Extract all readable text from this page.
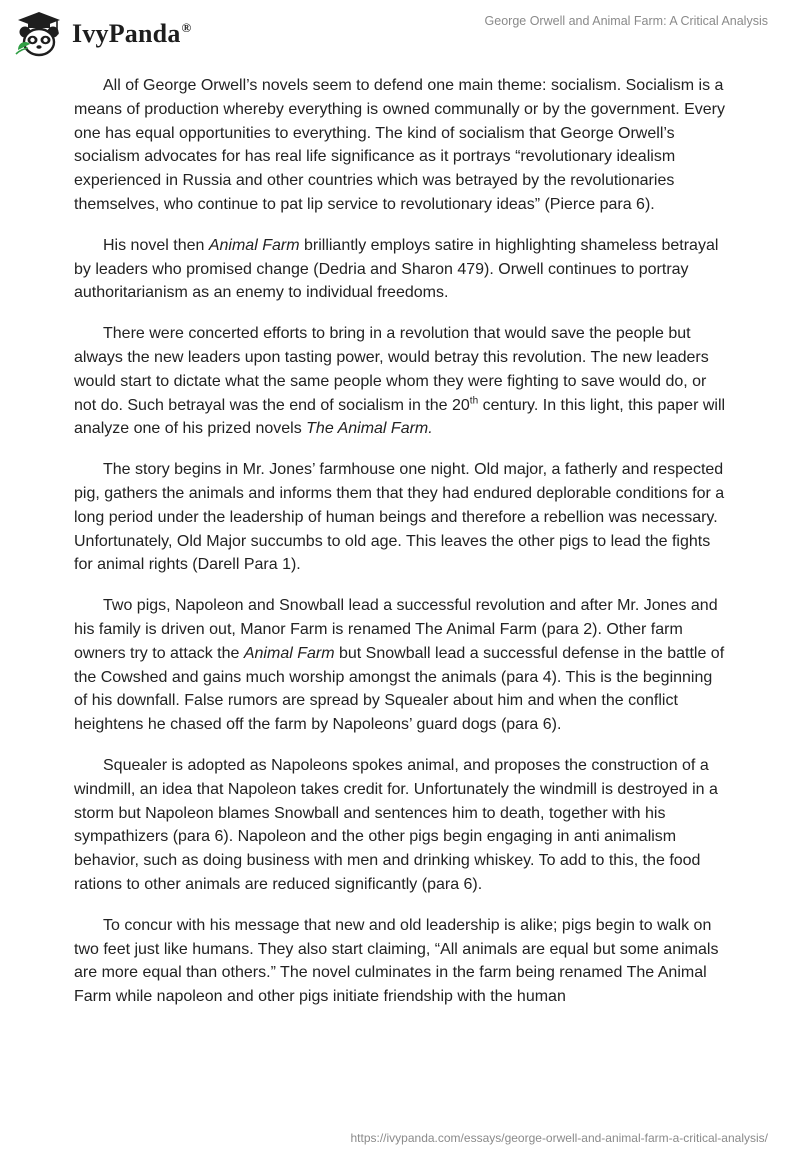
IvyPanda®	George Orwell and Animal Farm: A Critical Analysis

All of George Orwell’s novels seem to defend one main theme: socialism. Socialism is a means of production whereby everything is owned communally or by the government. Every one has equal opportunities to everything. The kind of socialism that George Orwell’s socialism advocates for has real life significance as it portrays “revolutionary idealism experienced in Russia and other countries which was betrayed by the revolutionaries themselves, who continue to pat lip service to revolutionary ideas” (Pierce para 6).

His novel then Animal Farm brilliantly employs satire in highlighting shameless betrayal by leaders who promised change (Dedria and Sharon 479). Orwell continues to portray authoritarianism as an enemy to individual freedoms.

There were concerted efforts to bring in a revolution that would save the people but always the new leaders upon tasting power, would betray this revolution. The new leaders would start to dictate what the same people whom they were fighting to save would do, or not do. Such betrayal was the end of socialism in the 20th century. In this light, this paper will analyze one of his prized novels The Animal Farm.

The story begins in Mr. Jones’ farmhouse one night. Old major, a fatherly and respected pig, gathers the animals and informs them that they had endured deplorable conditions for a long period under the leadership of human beings and therefore a rebellion was necessary. Unfortunately, Old Major succumbs to old age. This leaves the other pigs to lead the fights for animal rights (Darell Para 1).

Two pigs, Napoleon and Snowball lead a successful revolution and after Mr. Jones and his family is driven out, Manor Farm is renamed The Animal Farm (para 2). Other farm owners try to attack the Animal Farm but Snowball lead a successful defense in the battle of the Cowshed and gains much worship amongst the animals (para 4). This is the beginning of his downfall. False rumors are spread by Squealer about him and when the conflict heightens he chased off the farm by Napoleons’ guard dogs (para 6).

Squealer is adopted as Napoleons spokes animal, and proposes the construction of a windmill, an idea that Napoleon takes credit for. Unfortunately the windmill is destroyed in a storm but Napoleon blames Snowball and sentences him to death, together with his sympathizers (para 6). Napoleon and the other pigs begin engaging in anti animalism behavior, such as doing business with men and drinking whiskey. To add to this, the food rations to other animals are reduced significantly (para 6).

To concur with his message that new and old leadership is alike; pigs begin to walk on two feet just like humans. They also start claiming, “All animals are equal but some animals are more equal than others.” The novel culminates in the farm being renamed The Animal Farm while napoleon and other pigs initiate friendship with the human

https://ivypanda.com/essays/george-orwell-and-animal-farm-a-critical-analysis/
